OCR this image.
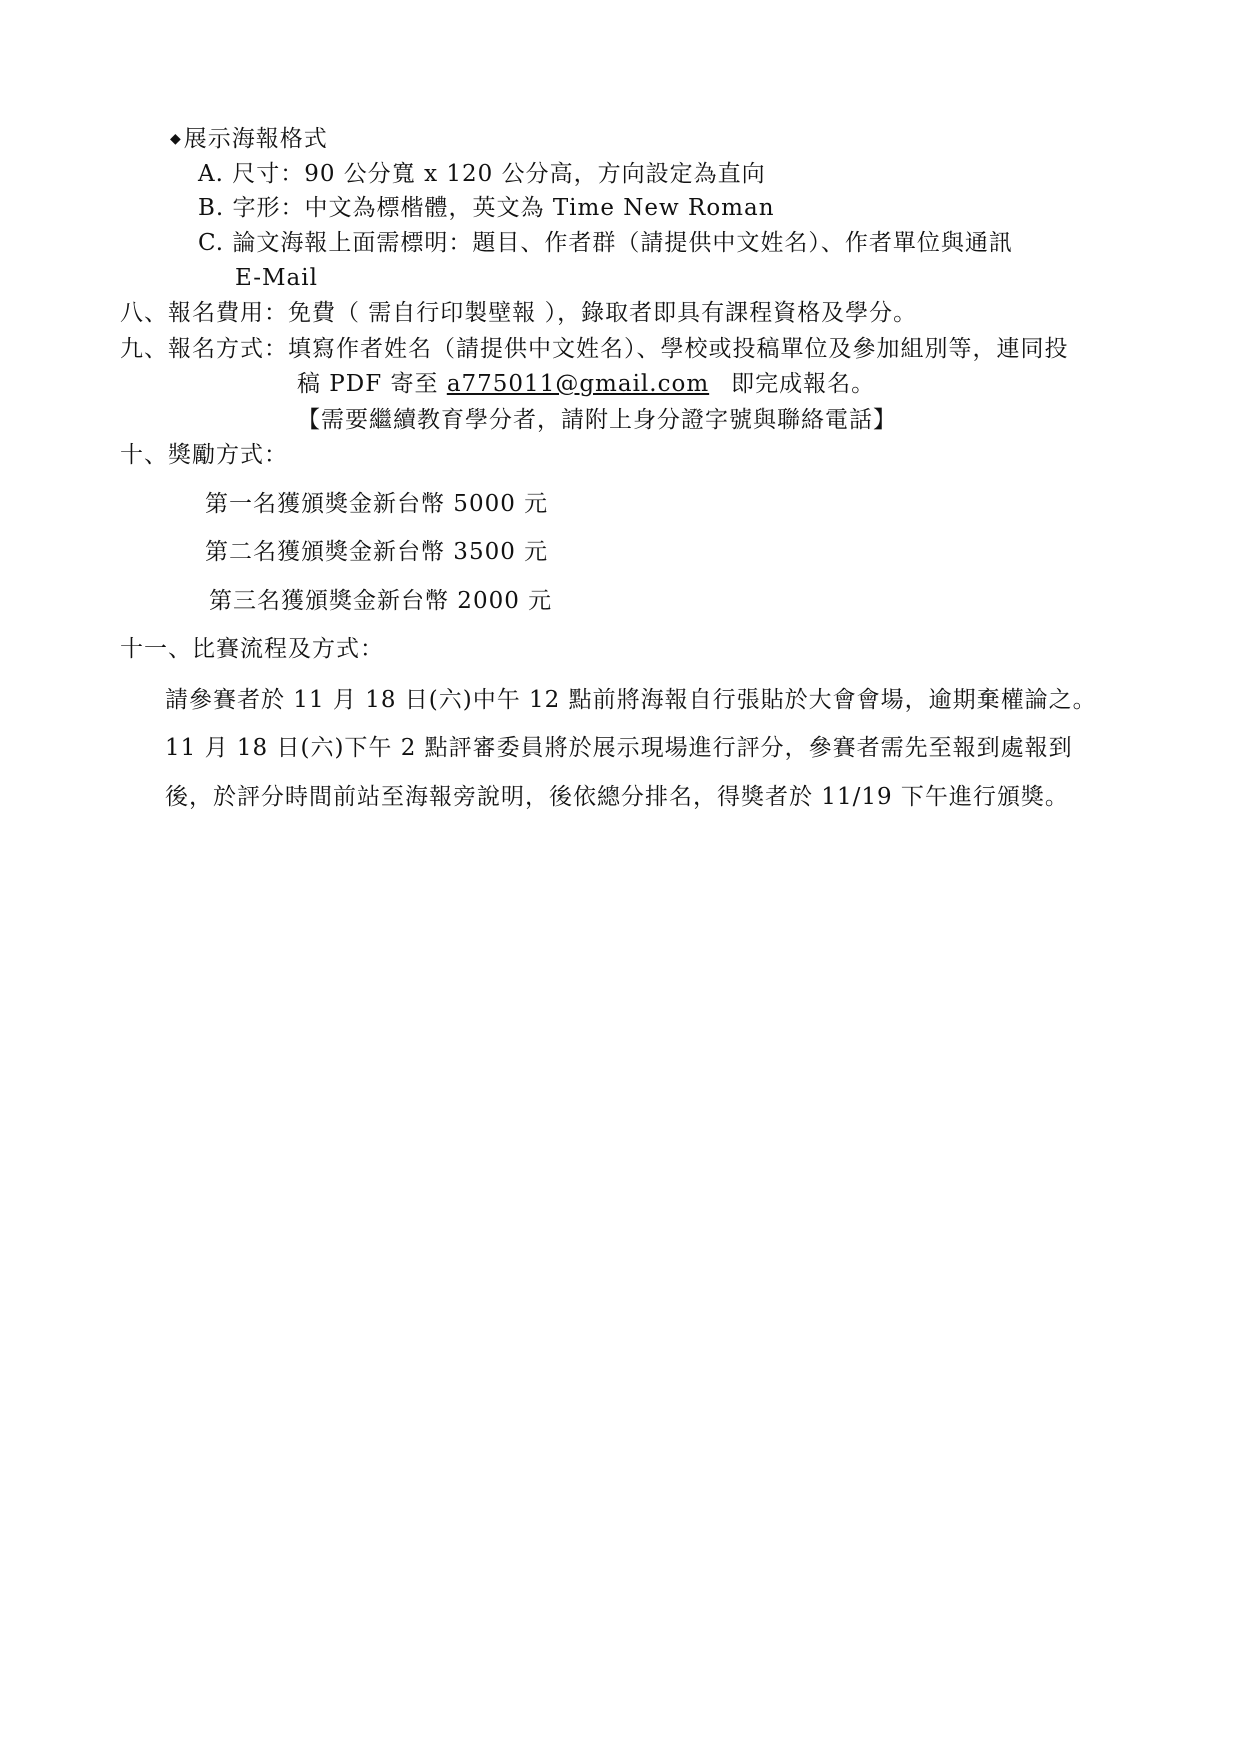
◆展示海報格式
A. 尺寸：90 公分寬 x 120 公分高，方向設定為直向
B. 字形：中文為標楷體，英文為 Time New Roman
C. 論文海報上面需標明：題目、作者群（請提供中文姓名）、作者單位與通訊
E-Mail
八、報名費用：免費（ 需自行印製壁報 ），錄取者即具有課程資格及學分。
九、報名方式：填寫作者姓名（請提供中文姓名）、學校或投稿單位及參加組別等，連同投
稿 PDF 寄至 a775011@gmail.com 即完成報名。
【需要繼續教育學分者，請附上身分證字號與聯絡電話】
十、獎勵方式：
第一名獲頒獎金新台幣 5000 元
第二名獲頒獎金新台幣 3500 元
第三名獲頒獎金新台幣 2000 元
十一、比賽流程及方式：
請參賽者於 11 月 18 日(六)中午 12 點前將海報自行張貼於大會會場，逾期棄權論之。
11 月 18 日(六)下午 2 點評審委員將於展示現場進行評分，參賽者需先至報到處報到
後，於評分時間前站至海報旁說明，後依總分排名，得獎者於 11/19 下午進行頒獎。
